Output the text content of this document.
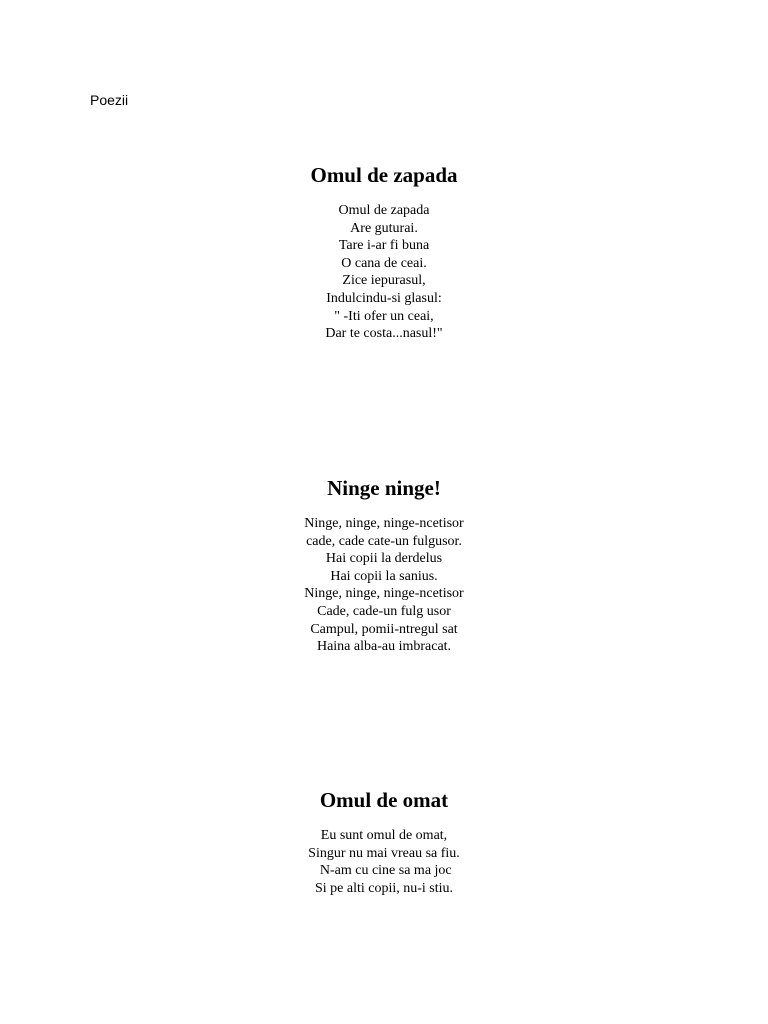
Poezii
Omul de zapada
Omul de zapada
Are guturai.
Tare i-ar fi buna
O cana de ceai.
Zice iepurasul,
Indulcindu-si glasul:
" -Iti ofer un ceai,
Dar te costa...nasul!"
Ninge ninge!
Ninge, ninge, ninge-ncetisor
cade, cade cate-un fulgusor.
Hai copii la derdelus
Hai copii la sanius.
Ninge, ninge, ninge-ncetisor
Cade, cade-un fulg usor
Campul, pomii-ntregul sat
Haina alba-au imbracat.
Omul de omat
Eu sunt omul de omat,
Singur nu mai vreau sa fiu.
N-am cu cine sa ma joc
Si pe alti copii, nu-i stiu.
